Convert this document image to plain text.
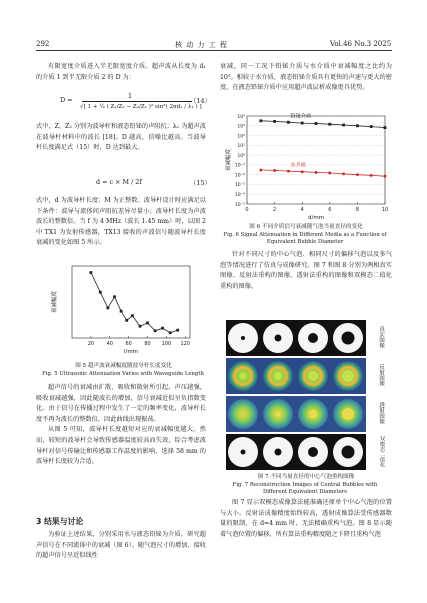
292	核 动 力 工 程	Vol.46 No.3 2025

有限宽度介质进入半无限宽度介质。超声波从长度为 d₁ 的介质 1 到半无限介质 2 的 D 为：

D =	1
√[ 1 + ¼ ( Z₁/Z₂ − Z₂/Z₁ )² sin²( 2πd₁ / λ₁ ) ]
（14）

式中，Z、Z₂ 分别为波导杆和液态铅铋的声阻抗；λ₁ 为超声波在波导杆材料中的波长 [18]。D 越高，信噪比越高。当波导杆长度满足式（15）时，D 达到最大。

d = c × M / 2f	（15）

式中，d 为波导杆长度；M 为正整数。波导杆设计时应满足以下条件：波导与流体间声阻抗差异尽量小；波导杆长度为声波波长的整数倍。当 f 为 4 MHz（波长 1.45 mm）时，以图 2 中 TX1 为发射传感器，TX13 接收的声波信号随波导杆长度衰减的变化如图 5 所示。

20	40	60	80 100 120
l/mm
衰减幅度
图 5 超声波衰减幅度随波导杆长度变化
Fig. 5 Ultrasonic Attenuation Varies with Waveguide Length

超声信号的衰减由扩散、吸收和散射所引起。声压越强，吸收衰减越强，因此随波长的增加，信号衰减近似呈负指数变化。由于信号在传播过程中发生了一定的频率变化，波导杆长度不再为波长的整数倍，因此曲线出现振荡。

从图 5 可知，波导杆长度越短对应的衰减幅度越大。然而，较短的波导杆会导致传感器温度较高而失效，综合考虑波导杆对信号传输比和传感器工作温度的影响，选择 58 mm 的波导杆长度较为合适。

3 结果与讨论

为验证上述结果，分别采用水与液态铅铋为介质，研究超声信号在不同流体中的衰减（图 6）。随气泡尺寸的增加，接收的超声信号呈近似线性

衰减，同一工况下铅铋介质与水介质中衰减幅度之比约为 10⁵。相较于水介质，液态铅铋介质具有更快的声速与更大的密度，在液态铅铋介质中应用超声波层析成像更具优势。

10⁴
10³
10²
10¹
10⁰
10⁻¹
10⁻²
10⁻³
10⁻⁴
10⁻⁵
0	2	4	6	8	10
d/mm
衰减幅度
铅铋介质
水介质
图 6 不同介质信号衰减随气泡当量直径的变化
Fig. 6 Signal Attenuation in Different Media as a Function of
Equivalent Bubble Diameter

针对不同尺寸的中心气泡、相同尺寸的偏移气泡以及多气泡等情况进行了仿真与成像研究。图 7 和图 8 分别为两相真实图像、反射法重构的图像、透射法重构的图像和双模态二值化重构的图像。

真实图像
反射图像
透射图像
双模态二值化
图 7 不同当量直径的中心气泡重构图像
Fig. 7 Reconstruction Images of Central Bubbles with
Different Equivalent Diameters

图 7 显示双模态成像算法能准确还原单个中心气泡的位置与大小。反射法成像精度始终较高，透射成像算法受传感器数量的限制，在 d=4 mm 时，无法精确重构气泡。图 8 显示随着气泡位置的偏移，所有算法重构精度随之下降且重构气泡
